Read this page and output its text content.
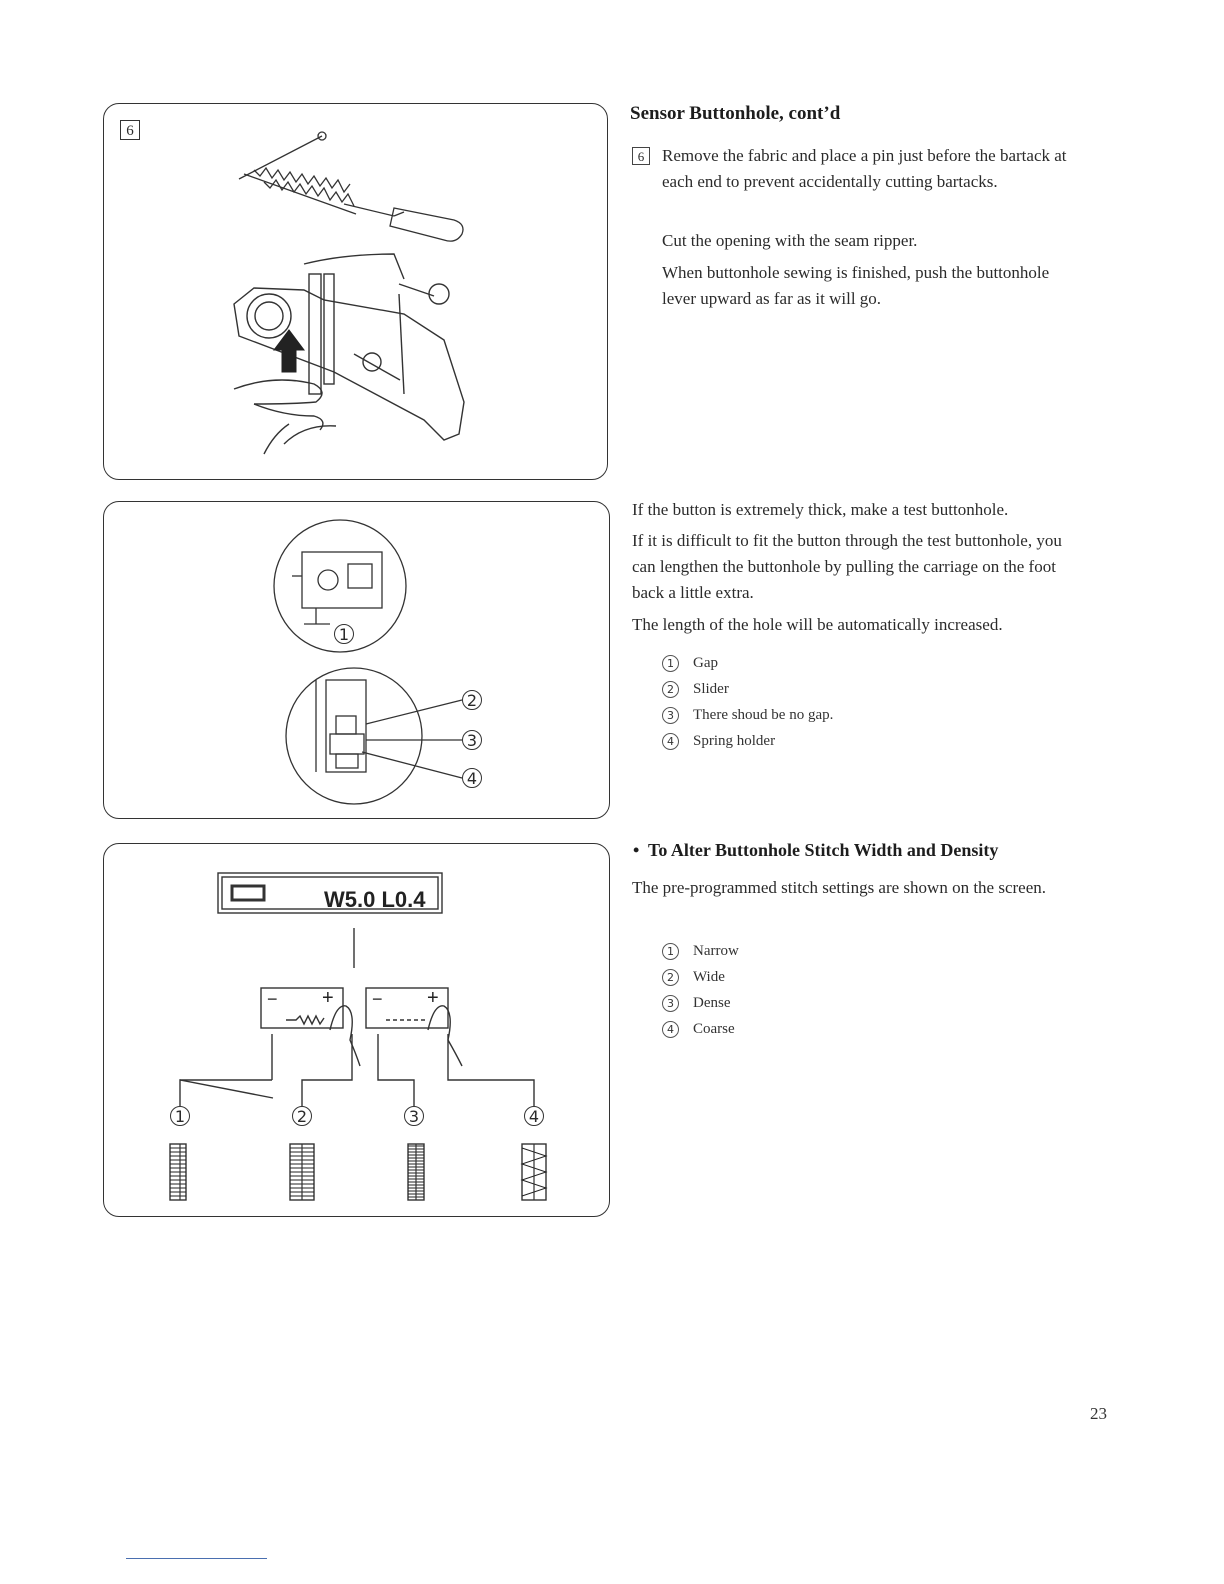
6
1
2
3
4
W5.0 L0.4
− + − +
1	2	3	4
Sensor Buttonhole, cont’d
6	Remove the fabric and place a pin just before the bartack at each end to prevent accidentally cutting bartacks.

Cut the opening with the seam ripper.

When buttonhole sewing is finished, push the buttonhole lever upward as far as it will go.

If the button is extremely thick, make a test buttonhole.

If it is difficult to fit the button through the test buttonhole, you can lengthen the buttonhole by pulling the carriage on the foot back a little extra.

The length of the hole will be automatically increased.

1	Gap
2	Slider
3	There shoud be no gap.
4	Spring holder
• To Alter Buttonhole Stitch Width and Density

The pre-programmed stitch settings are shown on the screen.

1	Narrow
2	Wide
3	Dense
4	Coarse
23
